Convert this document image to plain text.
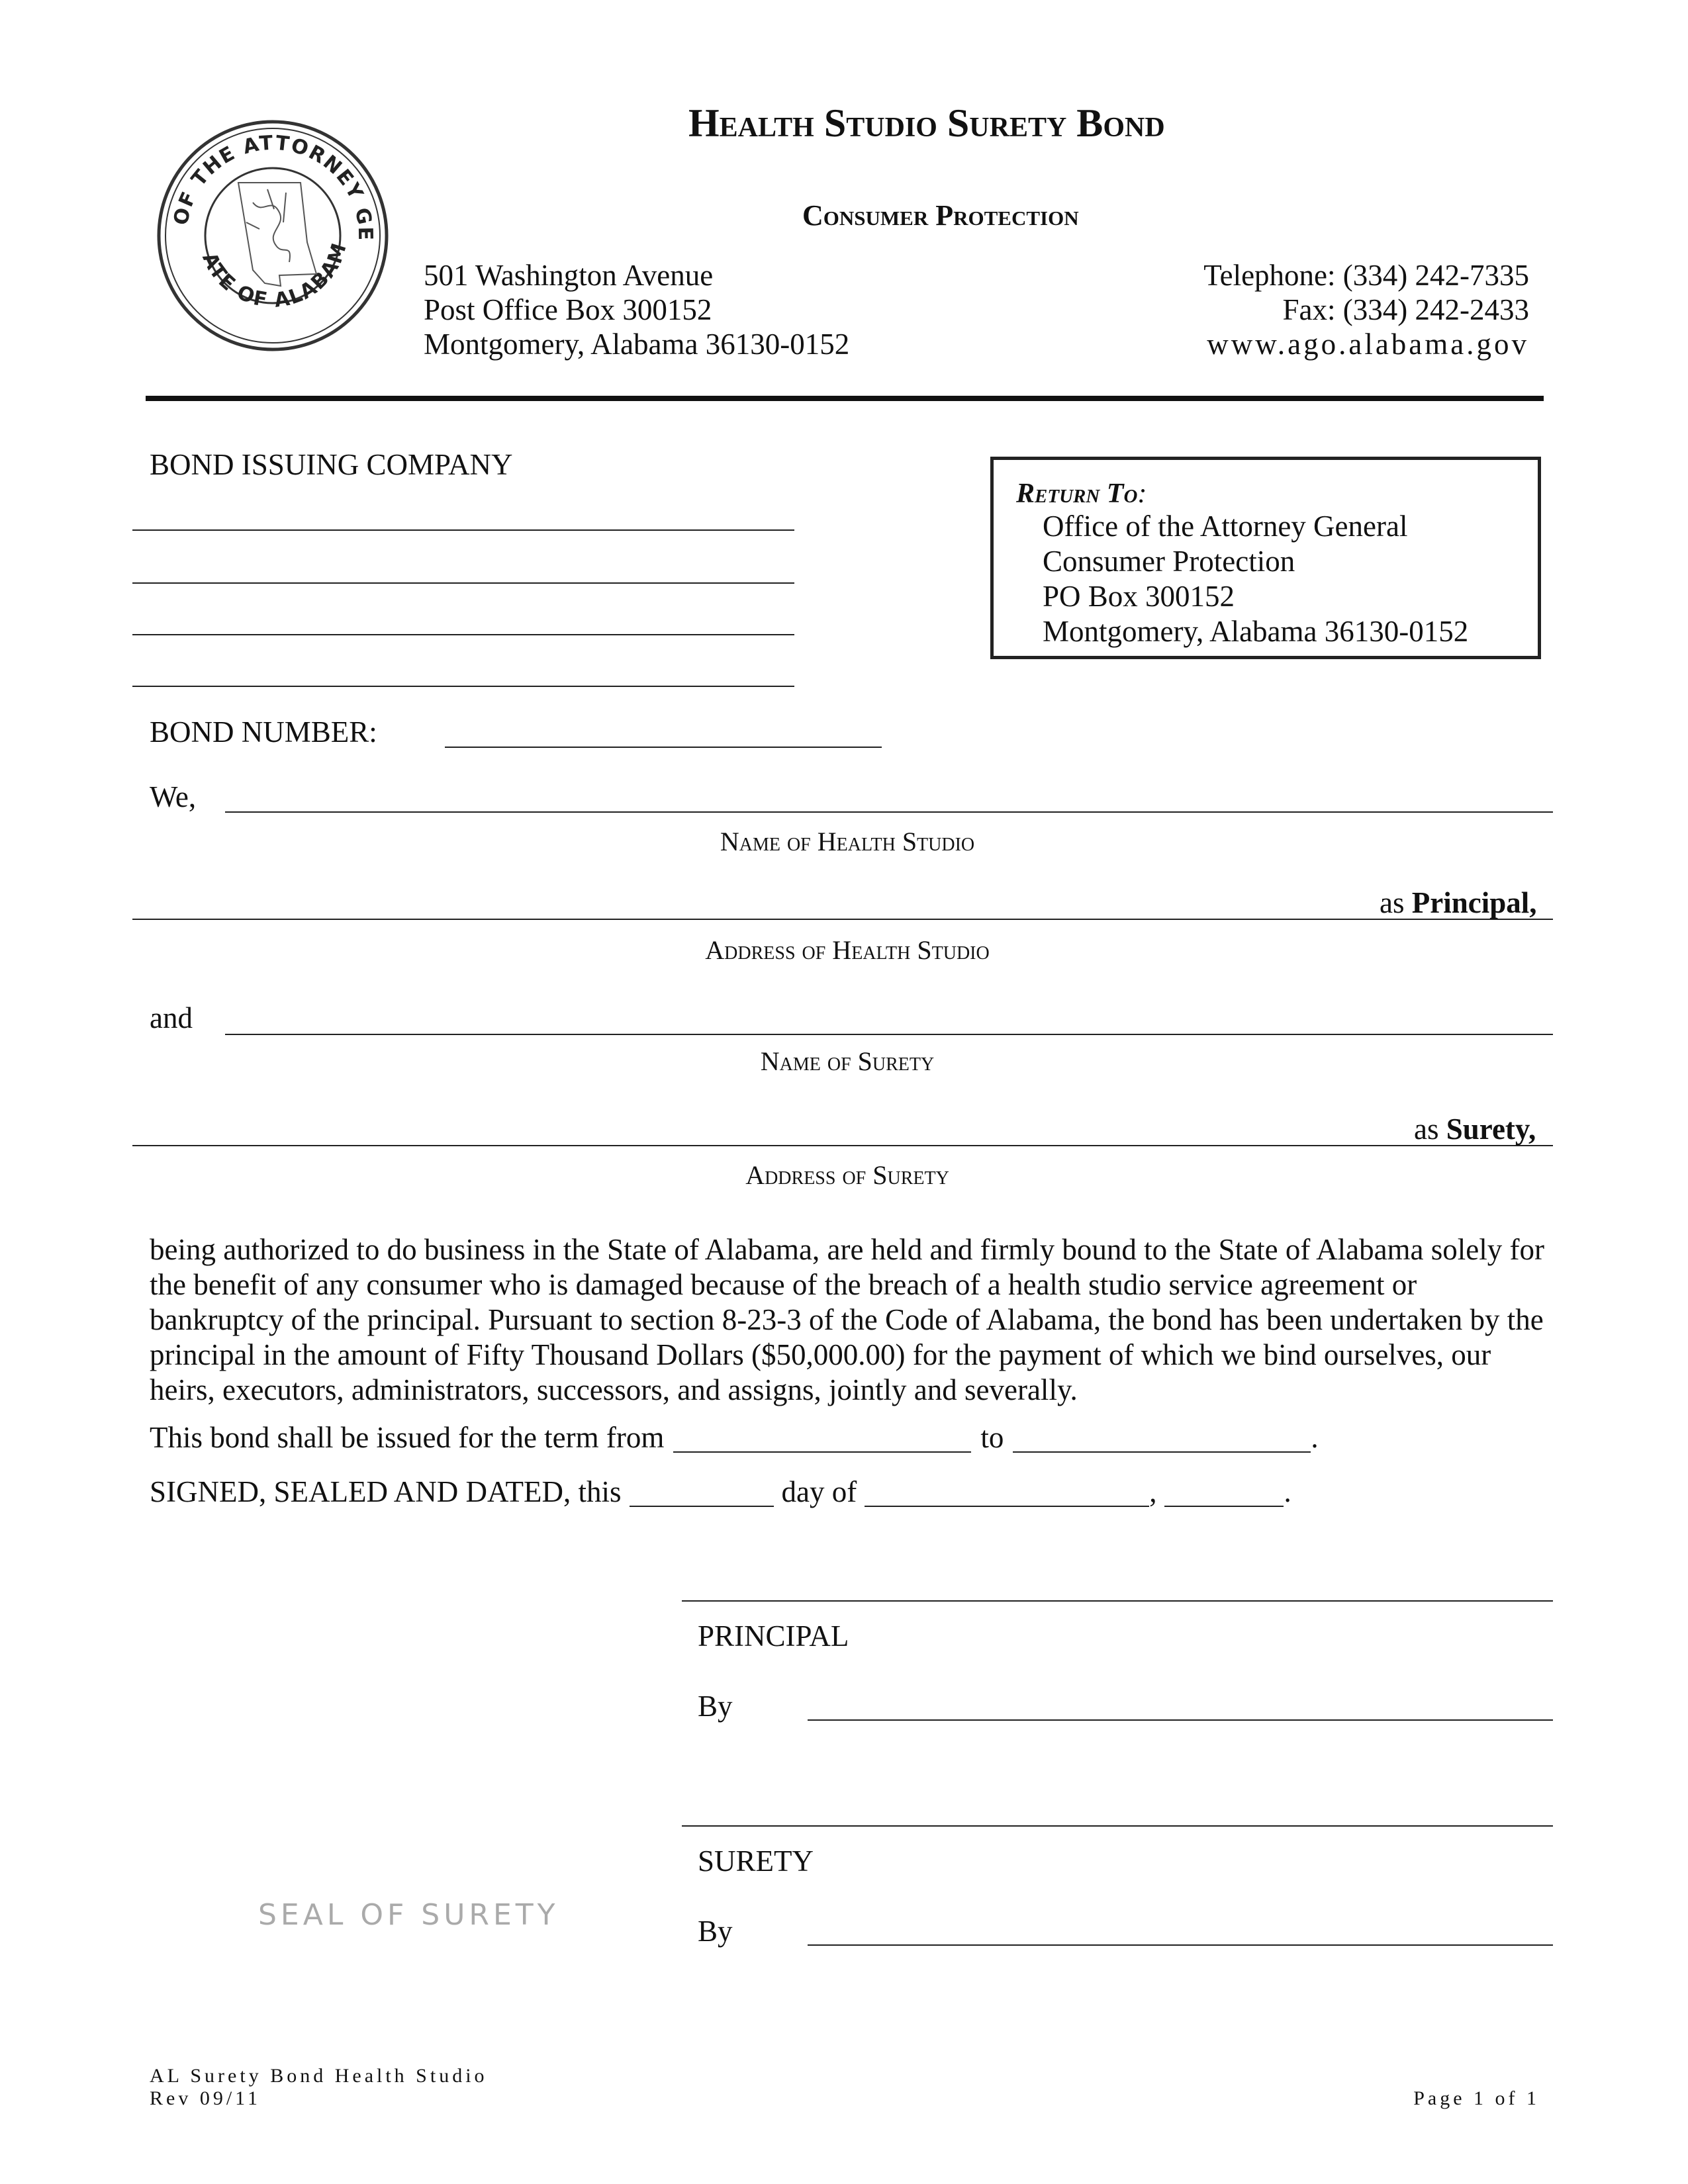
OF THE ATTORNEY GE
ATE OF ALABAM
Health Studio Surety Bond
Consumer Protection
501 Washington Avenue
Post Office Box 300152
Montgomery, Alabama 36130-0152
Telephone: (334) 242-7335
Fax: (334) 242-2433
www.ago.alabama.gov
BOND ISSUING COMPANY
Return To:
Office of the Attorney General
Consumer Protection
PO Box 300152
Montgomery, Alabama 36130-0152
BOND NUMBER:
We,
Name of Health Studio
as Principal,
Address of Health Studio
and
Name of Surety
as Surety,
Address of Surety
being authorized to do business in the State of Alabama, are held and firmly bound to the State of Alabama solely for the benefit of any consumer who is damaged because of the breach of a health studio service agreement or bankruptcy of the principal. Pursuant to section 8-23-3 of the Code of Alabama, the bond has been undertaken by the principal in the amount of Fifty Thousand Dollars ($50,000.00) for the payment of which we bind ourselves, our heirs, executors, administrators, successors, and assigns, jointly and severally.
This bond shall be issued for the term from	to	.
SIGNED, SEALED AND DATED, this	day of	,	.
PRINCIPAL
By
SURETY
By
SEAL OF SURETY
AL Surety Bond Health Studio
Rev 09/11	Page 1 of 1
